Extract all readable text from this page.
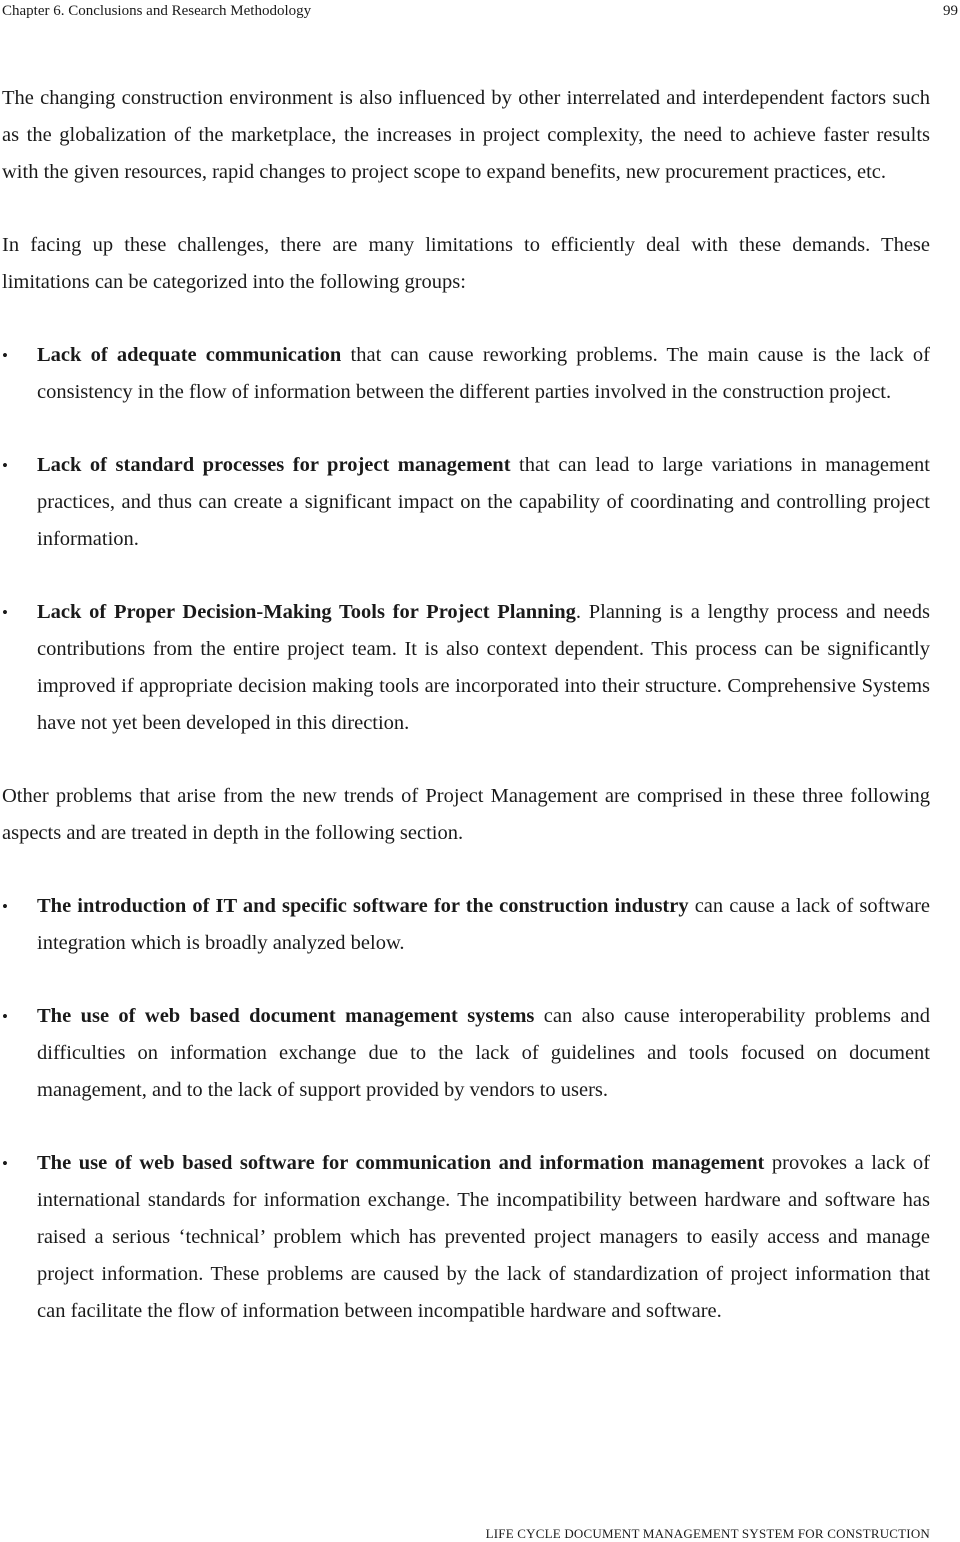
Chapter 6. Conclusions and Research Methodology	99

The changing construction environment is also influenced by other interrelated and interdependent factors such as the globalization of the marketplace, the increases in project complexity, the need to achieve faster results with the given resources, rapid changes to project scope to expand benefits, new procurement practices, etc.

In facing up these challenges, there are many limitations to efficiently deal with these demands. These limitations can be categorized into the following groups:

•	Lack of adequate communication that can cause reworking problems. The main cause is the lack of consistency in the flow of information between the different parties involved in the construction project.
•	Lack of standard processes for project management that can lead to large variations in management practices, and thus can create a significant impact on the capability of coordinating and controlling project information.
•	Lack of Proper Decision-Making Tools for Project Planning. Planning is a lengthy process and needs contributions from the entire project team. It is also context dependent. This process can be significantly improved if appropriate decision making tools are incorporated into their structure. Comprehensive Systems have not yet been developed in this direction.

Other problems that arise from the new trends of Project Management are comprised in these three following aspects and are treated in depth in the following section.

•	The introduction of IT and specific software for the construction industry can cause a lack of software integration which is broadly analyzed below.
•	The use of web based document management systems can also cause interoperability problems and difficulties on information exchange due to the lack of guidelines and tools focused on document management, and to the lack of support provided by vendors to users.
•	The use of web based software for communication and information management provokes a lack of international standards for information exchange. The incompatibility between hardware and software has raised a serious ‘technical’ problem which has prevented project managers to easily access and manage project information. These problems are caused by the lack of standardization of project information that can facilitate the flow of information between incompatible hardware and software.
LIFE CYCLE DOCUMENT MANAGEMENT SYSTEM FOR CONSTRUCTION
